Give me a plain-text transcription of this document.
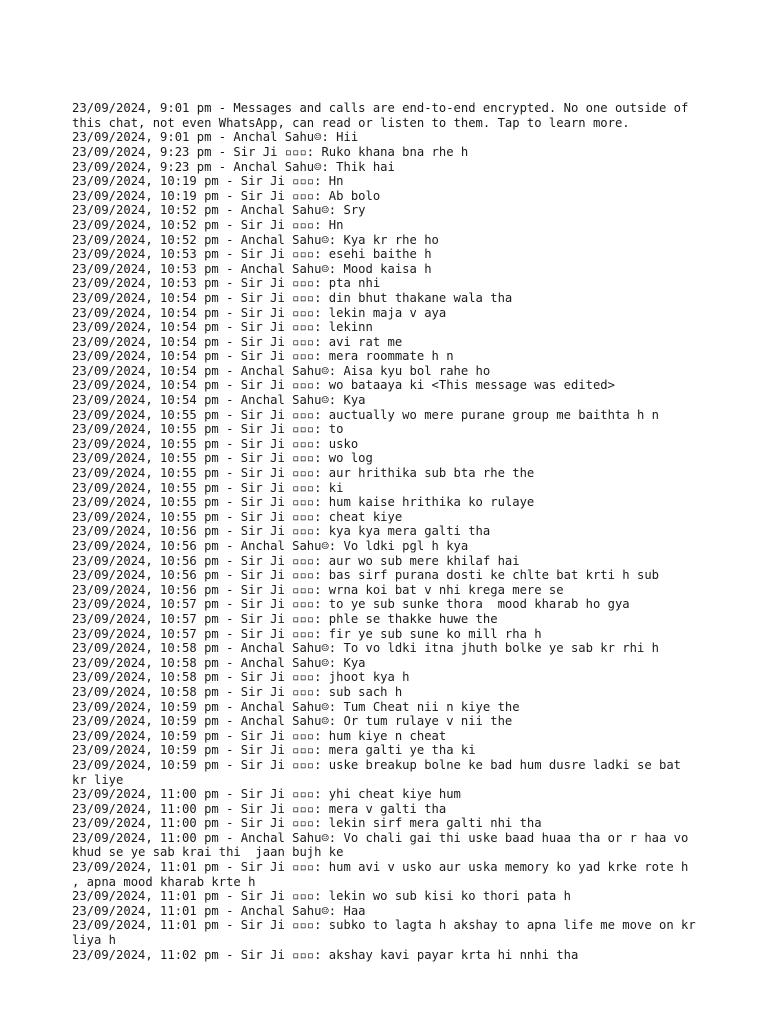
23/09/2024, 9:01 pm - Messages and calls are end-to-end encrypted. No one outside of this chat, not even WhatsApp, can read or listen to them. Tap to learn more.
23/09/2024, 9:01 pm - Anchal Sahu☺: Hii
23/09/2024, 9:23 pm - Sir Ji ▫▫▫: Ruko khana bna rhe h
23/09/2024, 9:23 pm - Anchal Sahu☺: Thik hai
23/09/2024, 10:19 pm - Sir Ji ▫▫▫: Hn
23/09/2024, 10:19 pm - Sir Ji ▫▫▫: Ab bolo
23/09/2024, 10:52 pm - Anchal Sahu☺: Sry
23/09/2024, 10:52 pm - Sir Ji ▫▫▫: Hn
23/09/2024, 10:52 pm - Anchal Sahu☺: Kya kr rhe ho
23/09/2024, 10:53 pm - Sir Ji ▫▫▫: esehi baithe h
23/09/2024, 10:53 pm - Anchal Sahu☺: Mood kaisa h
23/09/2024, 10:53 pm - Sir Ji ▫▫▫: pta nhi
23/09/2024, 10:54 pm - Sir Ji ▫▫▫: din bhut thakane wala tha
23/09/2024, 10:54 pm - Sir Ji ▫▫▫: lekin maja v aya
23/09/2024, 10:54 pm - Sir Ji ▫▫▫: lekinn
23/09/2024, 10:54 pm - Sir Ji ▫▫▫: avi rat me
23/09/2024, 10:54 pm - Sir Ji ▫▫▫: mera roommate h n
23/09/2024, 10:54 pm - Anchal Sahu☺: Aisa kyu bol rahe ho
23/09/2024, 10:54 pm - Sir Ji ▫▫▫: wo bataaya ki <This message was edited>
23/09/2024, 10:54 pm - Anchal Sahu☺: Kya
23/09/2024, 10:55 pm - Sir Ji ▫▫▫: auctually wo mere purane group me baithta h n
23/09/2024, 10:55 pm - Sir Ji ▫▫▫: to
23/09/2024, 10:55 pm - Sir Ji ▫▫▫: usko
23/09/2024, 10:55 pm - Sir Ji ▫▫▫: wo log
23/09/2024, 10:55 pm - Sir Ji ▫▫▫: aur hrithika sub bta rhe the
23/09/2024, 10:55 pm - Sir Ji ▫▫▫: ki
23/09/2024, 10:55 pm - Sir Ji ▫▫▫: hum kaise hrithika ko rulaye
23/09/2024, 10:55 pm - Sir Ji ▫▫▫: cheat kiye
23/09/2024, 10:56 pm - Sir Ji ▫▫▫: kya kya mera galti tha
23/09/2024, 10:56 pm - Anchal Sahu☺: Vo ldki pgl h kya
23/09/2024, 10:56 pm - Sir Ji ▫▫▫: aur wo sub mere khilaf hai
23/09/2024, 10:56 pm - Sir Ji ▫▫▫: bas sirf purana dosti ke chlte bat krti h sub
23/09/2024, 10:56 pm - Sir Ji ▫▫▫: wrna koi bat v nhi krega mere se
23/09/2024, 10:57 pm - Sir Ji ▫▫▫: to ye sub sunke thora  mood kharab ho gya
23/09/2024, 10:57 pm - Sir Ji ▫▫▫: phle se thakke huwe the
23/09/2024, 10:57 pm - Sir Ji ▫▫▫: fir ye sub sune ko mill rha h
23/09/2024, 10:58 pm - Anchal Sahu☺: To vo ldki itna jhuth bolke ye sab kr rhi h
23/09/2024, 10:58 pm - Anchal Sahu☺: Kya
23/09/2024, 10:58 pm - Sir Ji ▫▫▫: jhoot kya h
23/09/2024, 10:58 pm - Sir Ji ▫▫▫: sub sach h
23/09/2024, 10:59 pm - Anchal Sahu☺: Tum Cheat nii n kiye the
23/09/2024, 10:59 pm - Anchal Sahu☺: Or tum rulaye v nii the
23/09/2024, 10:59 pm - Sir Ji ▫▫▫: hum kiye n cheat
23/09/2024, 10:59 pm - Sir Ji ▫▫▫: mera galti ye tha ki
23/09/2024, 10:59 pm - Sir Ji ▫▫▫: uske breakup bolne ke bad hum dusre ladki se bat kr liye
23/09/2024, 11:00 pm - Sir Ji ▫▫▫: yhi cheat kiye hum
23/09/2024, 11:00 pm - Sir Ji ▫▫▫: mera v galti tha
23/09/2024, 11:00 pm - Sir Ji ▫▫▫: lekin sirf mera galti nhi tha
23/09/2024, 11:00 pm - Anchal Sahu☺: Vo chali gai thi uske baad huaa tha or r haa vo khud se ye sab krai thi  jaan bujh ke
23/09/2024, 11:01 pm - Sir Ji ▫▫▫: hum avi v usko aur uska memory ko yad krke rote h , apna mood kharab krte h
23/09/2024, 11:01 pm - Sir Ji ▫▫▫: lekin wo sub kisi ko thori pata h
23/09/2024, 11:01 pm - Anchal Sahu☺: Haa
23/09/2024, 11:01 pm - Sir Ji ▫▫▫: subko to lagta h akshay to apna life me move on kr liya h
23/09/2024, 11:02 pm - Sir Ji ▫▫▫: akshay kavi payar krta hi nnhi tha
